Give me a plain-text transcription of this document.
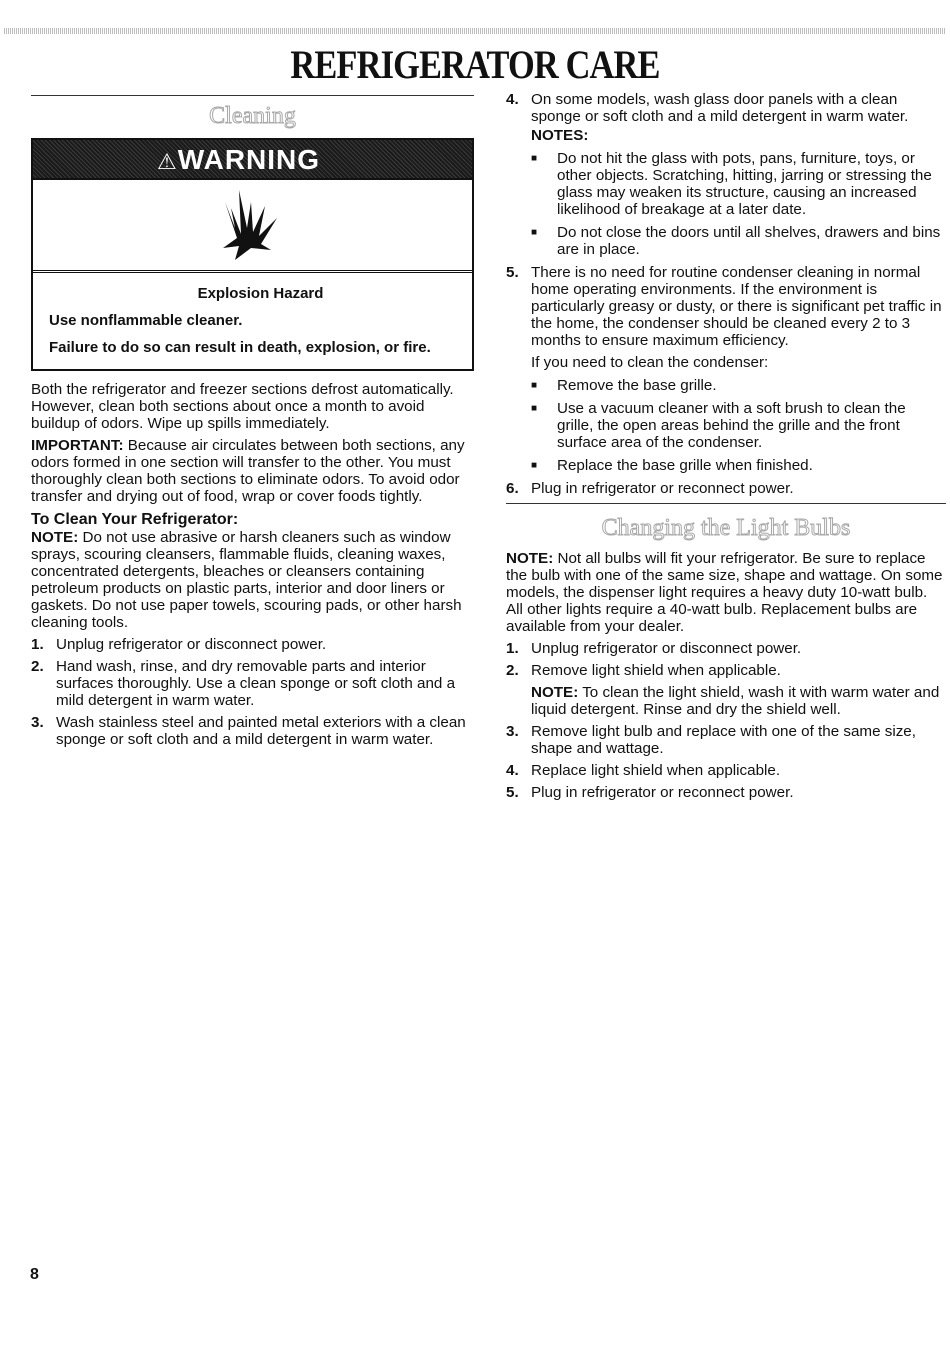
REFRIGERATOR CARE
Cleaning
⚠WARNING
Explosion Hazard

Use nonflammable cleaner.

Failure to do so can result in death, explosion, or fire.

Both the refrigerator and freezer sections defrost automatically. However, clean both sections about once a month to avoid buildup of odors. Wipe up spills immediately.

IMPORTANT: Because air circulates between both sections, any odors formed in one section will transfer to the other. You must thoroughly clean both sections to eliminate odors. To avoid odor transfer and drying out of food, wrap or cover foods tightly.

To Clean Your Refrigerator:

NOTE: Do not use abrasive or harsh cleaners such as window sprays, scouring cleansers, flammable fluids, cleaning waxes, concentrated detergents, bleaches or cleansers containing petroleum products on plastic parts, interior and door liners or gaskets. Do not use paper towels, scouring pads, or other harsh cleaning tools.

1. Unplug refrigerator or disconnect power.
2. Hand wash, rinse, and dry removable parts and interior surfaces thoroughly. Use a clean sponge or soft cloth and a mild detergent in warm water.
3. Wash stainless steel and painted metal exteriors with a clean sponge or soft cloth and a mild detergent in warm water.
4. On some models, wash glass door panels with a clean sponge or soft cloth and a mild detergent in warm water.
NOTES:
■	Do not hit the glass with pots, pans, furniture, toys, or other objects. Scratching, hitting, jarring or stressing the glass may weaken its structure, causing an increased likelihood of breakage at a later date.
■	Do not close the doors until all shelves, drawers and bins are in place.
5. There is no need for routine condenser cleaning in normal home operating environments. If the environment is particularly greasy or dusty, or there is significant pet traffic in the home, the condenser should be cleaned every 2 to 3 months to ensure maximum efficiency.
If you need to clean the condenser:
■	Remove the base grille.
■	Use a vacuum cleaner with a soft brush to clean the grille, the open areas behind the grille and the front surface area of the condenser.
■	Replace the base grille when finished.
6. Plug in refrigerator or reconnect power.
Changing the Light Bulbs

NOTE: Not all bulbs will fit your refrigerator. Be sure to replace the bulb with one of the same size, shape and wattage. On some models, the dispenser light requires a heavy duty 10-watt bulb. All other lights require a 40-watt bulb. Replacement bulbs are available from your dealer.

1. Unplug refrigerator or disconnect power.
2. Remove light shield when applicable.

NOTE: To clean the light shield, wash it with warm water and liquid detergent. Rinse and dry the shield well.

3. Remove light bulb and replace with one of the same size, shape and wattage.
4. Replace light shield when applicable.
5. Plug in refrigerator or reconnect power.
8
